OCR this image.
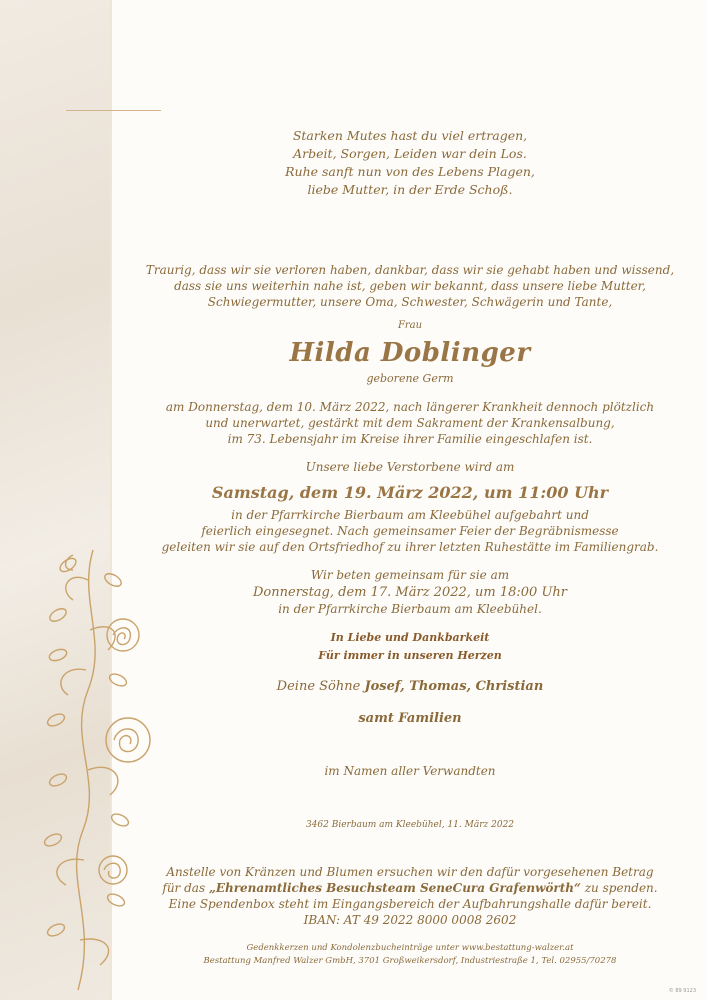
Starken Mutes hast du viel ertragen,
Arbeit, Sorgen, Leiden war dein Los.
Ruhe sanft nun von des Lebens Plagen,
liebe Mutter, in der Erde Schoß.
Traurig, dass wir sie verloren haben, dankbar, dass wir sie gehabt haben und wissend,
dass sie uns weiterhin nahe ist, geben wir bekannt, dass unsere liebe Mutter,
Schwiegermutter, unsere Oma, Schwester, Schwägerin und Tante,
Frau
Hilda Doblinger
geborene Germ
am Donnerstag, dem 10. März 2022, nach längerer Krankheit dennoch plötzlich
und unerwartet, gestärkt mit dem Sakrament der Krankensalbung,
im 73. Lebensjahr im Kreise ihrer Familie eingeschlafen ist.
Unsere liebe Verstorbene wird am
Samstag, dem 19. März 2022, um 11:00 Uhr
in der Pfarrkirche Bierbaum am Kleebühel aufgebahrt und
feierlich eingesegnet. Nach gemeinsamer Feier der Begräbnismesse
geleiten wir sie auf den Ortsfriedhof zu ihrer letzten Ruhestätte im Familiengrab.
Wir beten gemeinsam für sie am
Donnerstag, dem 17. März 2022, um 18:00 Uhr
in der Pfarrkirche Bierbaum am Kleebühel.
In Liebe und Dankbarkeit
Für immer in unseren Herzen
Deine Söhne Josef, Thomas, Christian
samt Familien
im Namen aller Verwandten
3462 Bierbaum am Kleebühel, 11. März 2022
Anstelle von Kränzen und Blumen ersuchen wir den dafür vorgesehenen Betrag
für das „Ehrenamtliches Besuchsteam SeneCura Grafenwörth“ zu spenden.
Eine Spendenbox steht im Eingangsbereich der Aufbahrungshalle dafür bereit.
IBAN: AT 49 2022 8000 0008 2602
Gedenkkerzen und Kondolenzbucheinträge unter www.bestattung-walzer.at
Bestattung Manfred Walzer GmbH, 3701 Großweikersdorf, Industriestraße 1, Tel. 02955/70278
© 89 9123
